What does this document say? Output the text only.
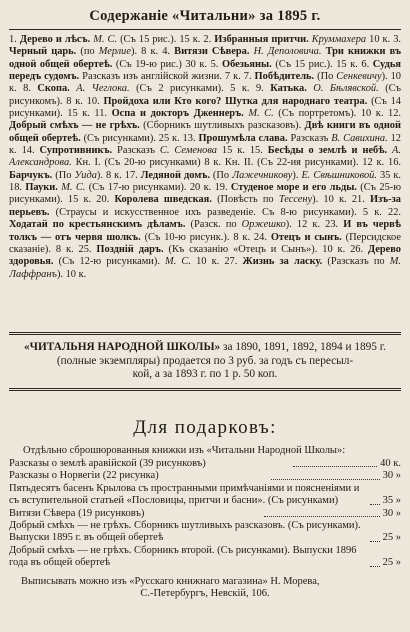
Содержаніе «Читальни» за 1895 г.
1. Дерево и лѣсъ. М. С. (Съ 15 рис.). 15 к. 2. Избранныя притчи. Круммахера 10 к. 3. Черный царь. (по Мерлие). 8 к. 4. Витязи Сѣвера. Н. Деполовича. Три книжки въ одной общей обертеѣ. (Съ 19-ю рис.) 30 к. 5. Обезьяны. (Съ 15 рис.). 15 к. 6. Судья передъ судомъ. Разсказъ изъ англійской жизни. 7 к. 7. Побѣдитель. (По Сенкевичу). 10 к. 8. Скопа. А. Чеглока. (Съ 2 рисунками). 5 к. 9. Катька. О. Бѣлявской. (Съ рисункомъ). 8 к. 10. Пройдоха или Кто кого? Шутка для народнаго театра. (Съ 14 рисунками). 15 к. 11. Оспа и докторъ Дженнеръ. М. С. (Съ портретомъ). 10 к. 12. Добрый смѣхъ — не грѣхъ. (Сборникъ шутливыхъ разсказовъ). Двѣ книги въ одной общей обертеѣ. (Съ рисунками). 25 к. 13. Прошумѣла слава. Разсказъ В. Савихина. 12 к. 14. Супротивникъ. Разсказъ С. Семенова 15 к. 15. Бесѣды о землѣ и небѣ. А. Александрова. Кн. I. (Съ 20-ю рисунками) 8 к. Кн. II. (Съ 22-ия рисунками). 12 к. 16. Барчукъ. (По Уида). 8 к. 17. Ледяной домъ. (По Лажечникову). Е. Свѣшниковой. 35 к. 18. Пауки. М. С. (Съ 17-ю рисунками). 20 к. 19. Студеное море и его льды. (Съ 25-ю рисунками). 15 к. 20. Королева шведская. (Повѣсть по Тессену). 10 к. 21. Изъ-за перьевъ. (Страусы и искусственное ихъ разведеніе. Съ 8-ю рисунками). 5 к. 22. Ходатай по крестьянскимъ дѣламъ. (Разск. по Оржешко). 12 к. 23. И въ червѣ толкъ — отъ червя шолкъ. (Съ 10-ю рисунк.). 8 к. 24. Отецъ и сынъ. (Персидское сказаніе). 8 к. 25. Поздній даръ. (Къ сказанію «Отецъ и Сынъ»). 10 к. 26. Дерево здоровья. (Съ 12-ю рисунками). М. С. 10 к. 27. Жизнь за ласку. (Разсказъ по М. Лаффранъ). 10 к.
«ЧИТАЛЬНЯ НАРОДНОЙ ШКОЛЫ» за 1890, 1891, 1892, 1894 и 1895 г.
(полные экземпляры) продается по 3 руб. за годъ съ пересыл-
кой, а за 1893 г. по 1 р. 50 коп.
Для подарковъ:

Отдѣльно сброшюрованныя книжки изъ «Читальни Народной Школы»:

Разсказы о землѣ аравійской (39 рисунковъ)	40 к.
Разсказы о Норвегіи (22 рисунка)	30 »
Пятьдесятъ басенъ Крылова съ пространными примѣчаніями и поясненіями и съ вступительной статьей «Пословицы, притчи и басни». (Съ рисунками)	35 »
Витязи Сѣвера (19 рисунковъ)	30 »
Добрый смѣхъ — не грѣхъ. Сборникъ шутливыхъ разсказовъ. (Съ рисунками). Выпуски 1895 г. въ общей обертеѣ	25 »
Добрый смѣхъ — не грѣхъ. Сборникъ второй. (Съ рисунками). Выпуски 1896 года въ общей обертеѣ	25 »

Выписывать можно изъ «Русскаго книжнаго магазина» Н. Морева,

С.-Петербургъ, Невскій, 106.
